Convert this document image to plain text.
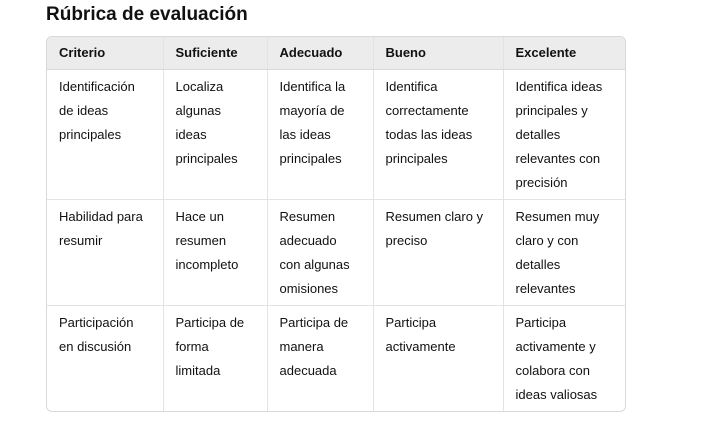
Rúbrica de evaluación
Criterio	Suficiente	Adecuado	Bueno	Excelente
Identificación de ideas principales	Localiza algunas ideas principales	Identifica la mayoría de las ideas principales	Identifica correctamente todas las ideas principales	Identifica ideas principales y detalles relevantes con precisión
Habilidad para resumir	Hace un resumen incompleto	Resumen adecuado con algunas omisiones	Resumen claro y preciso	Resumen muy claro y con detalles relevantes
Participación en discusión	Participa de forma limitada	Participa de manera adecuada	Participa activamente	Participa activamente y colabora con ideas valiosas
